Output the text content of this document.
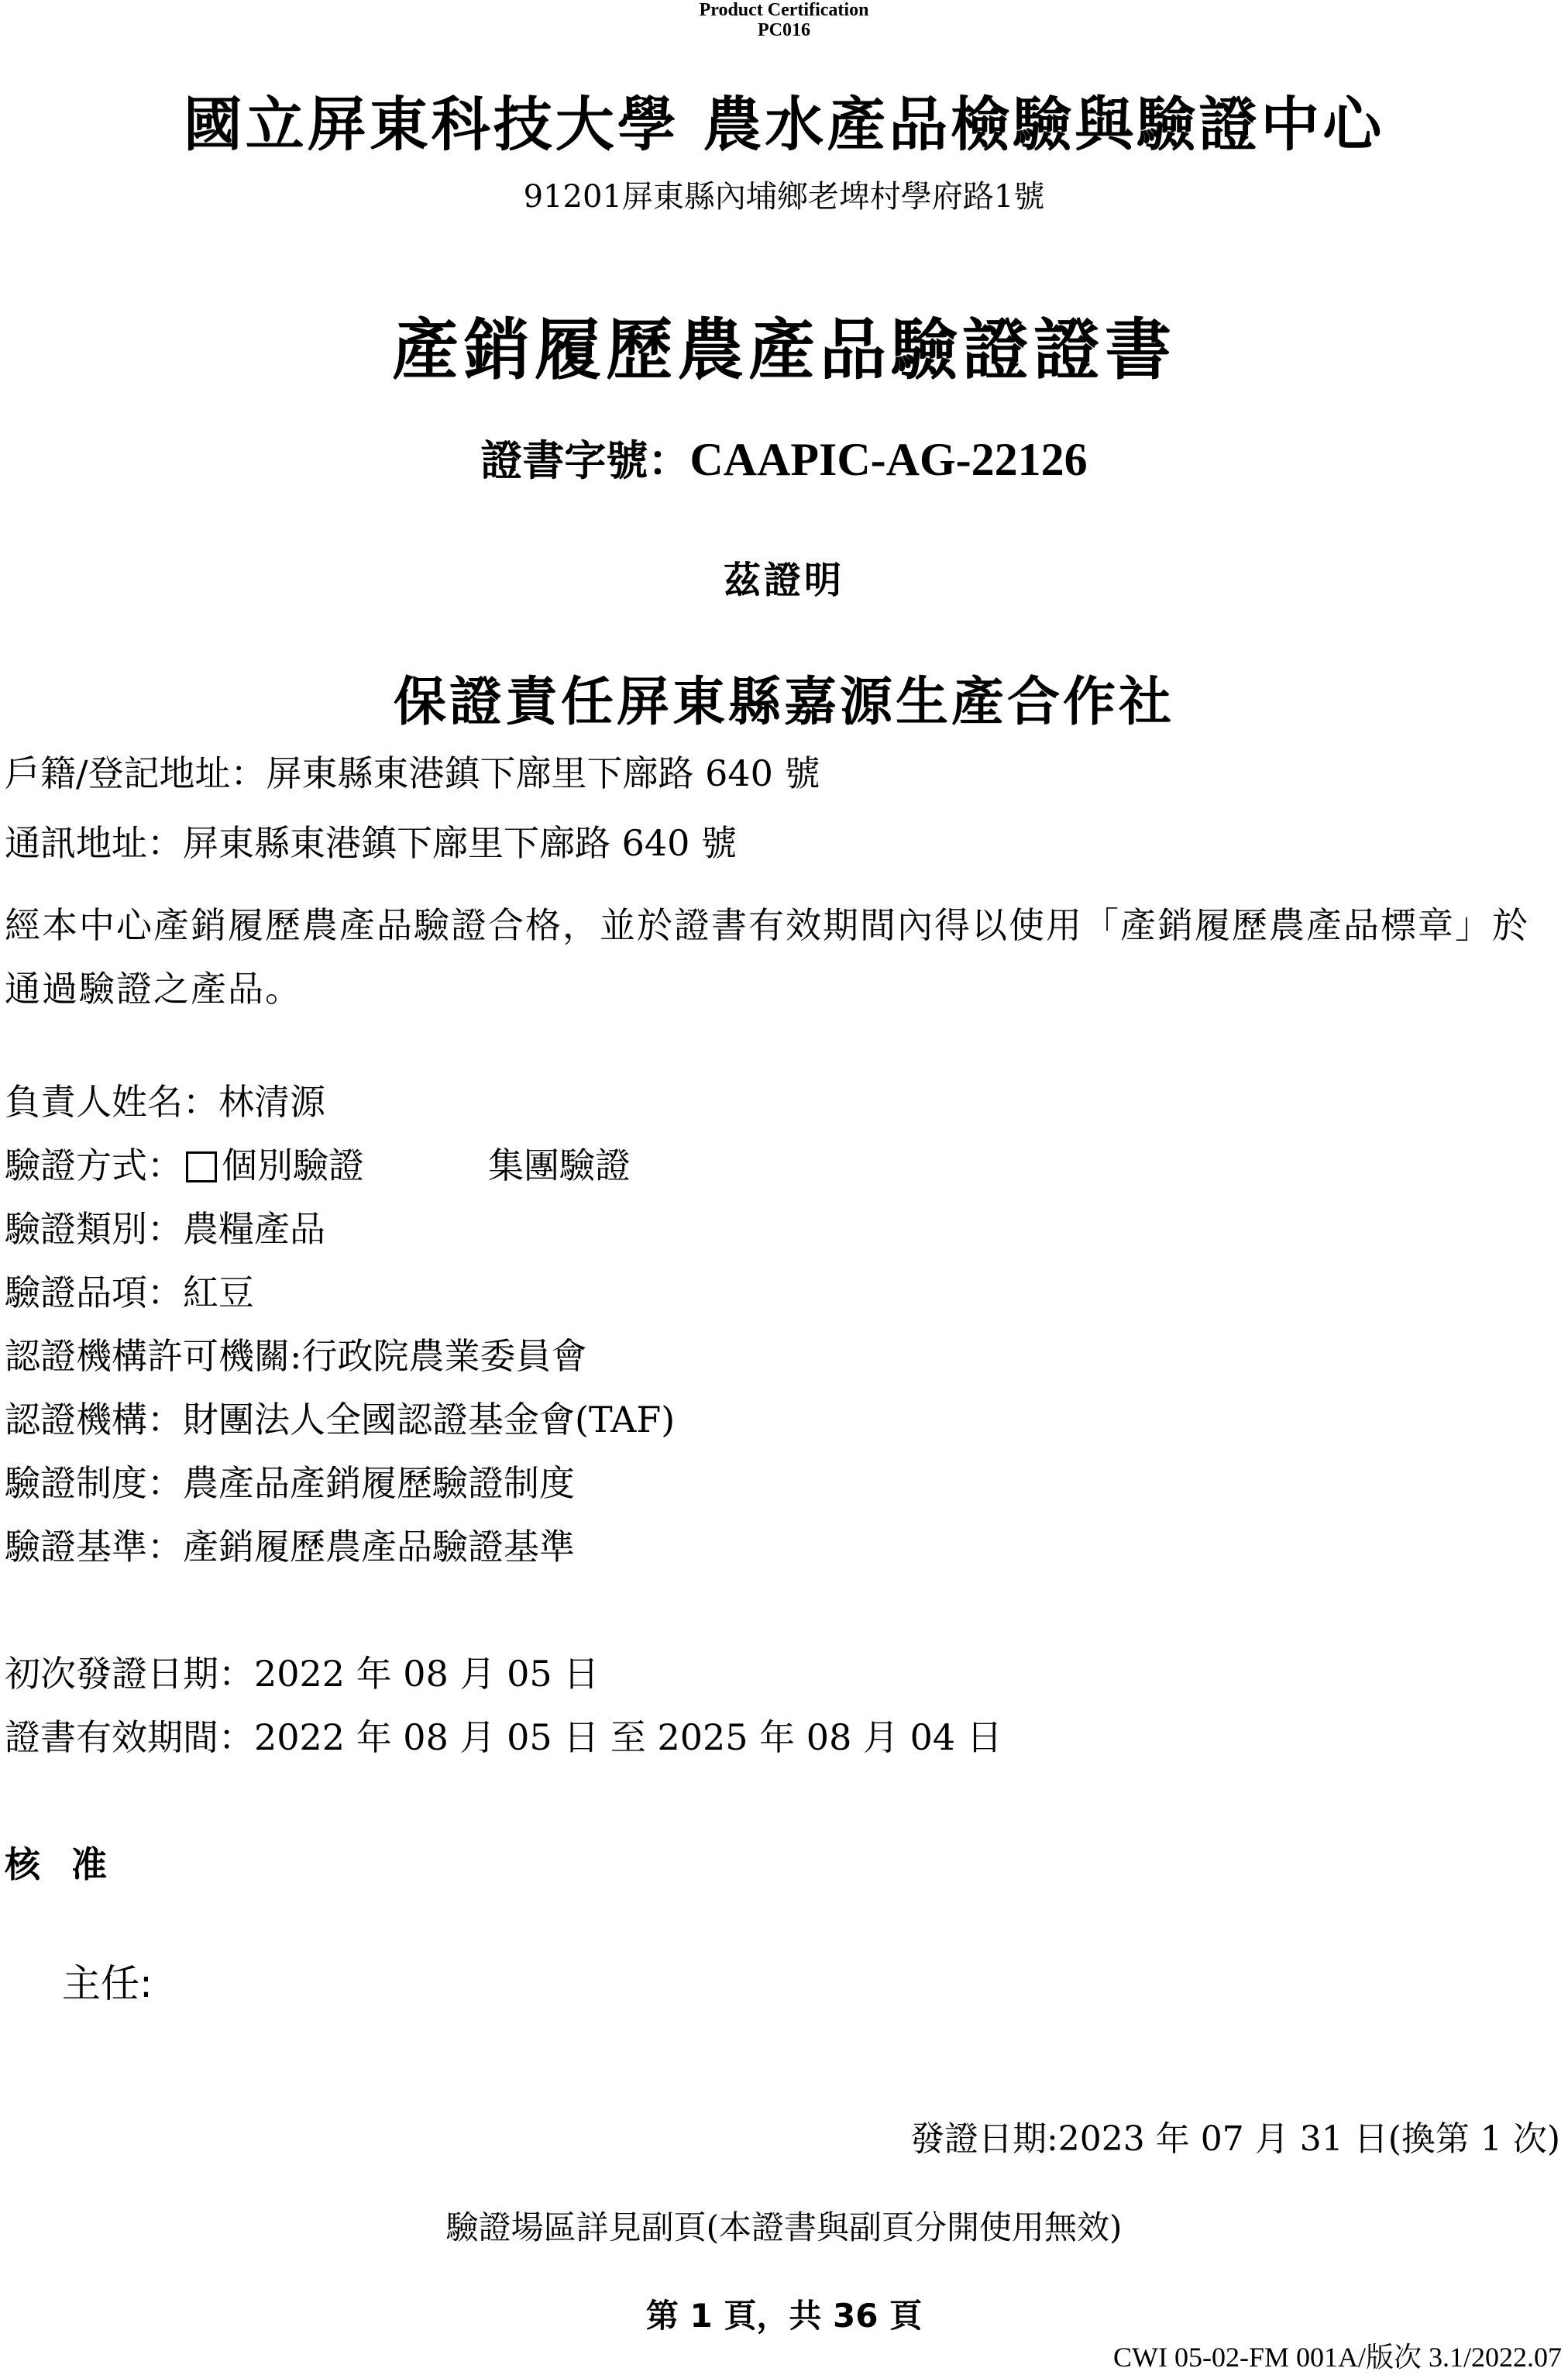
Product Certification
PC016
國立屏東科技大學 農水產品檢驗與驗證中心
91201屏東縣內埔鄉老埤村學府路1號
產銷履歷農產品驗證證書
證書字號：CAAPIC-AG-22126
茲證明
保證責任屏東縣嘉源生產合作社
戶籍/登記地址：屏東縣東港鎮下廍里下廍路 640 號
通訊地址：屏東縣東港鎮下廍里下廍路 640 號
經本中心產銷履歷農產品驗證合格，並於證書有效期間內得以使用「產銷履歷農產品標章」於通過驗證之產品。
負責人姓名：林清源
驗證方式： 個別驗證	集團驗證
驗證類別：農糧產品
驗證品項：紅豆
認證機構許可機關:行政院農業委員會
認證機構：財團法人全國認證基金會(TAF)
驗證制度：農產品產銷履歷驗證制度
驗證基準：產銷履歷農產品驗證基準
初次發證日期：2022 年 08 月 05 日
證書有效期間：2022 年 08 月 05 日 至 2025 年 08 月 04 日
核准
主任:
發證日期:2023 年 07 月 31 日(換第 1 次)
驗證場區詳見副頁(本證書與副頁分開使用無效)
第 1 頁，共 36 頁
CWI 05-02-FM 001A/版次 3.1/2022.07
